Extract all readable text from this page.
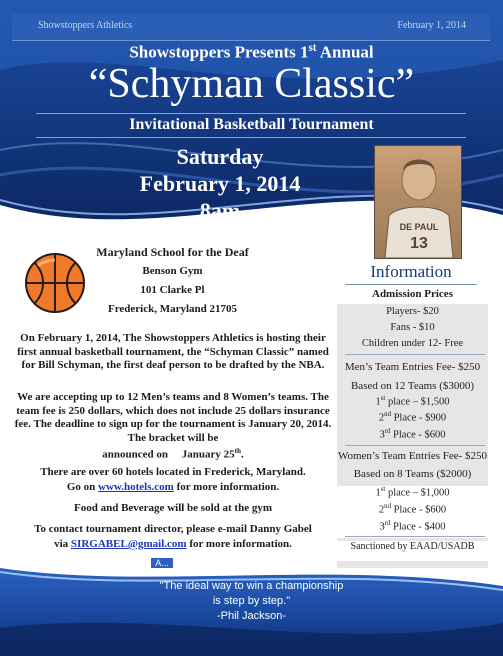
Showstoppers Athletics	February 1, 2014
Showstoppers Presents 1st Annual
“Schyman Classic”
Invitational Basketball Tournament
Saturday
February 1, 2014
8am
DE PAUL
13
Maryland School for the Deaf
Benson Gym
101 Clarke Pl
Frederick, Maryland 21705
On February 1, 2014, The Showstoppers Athletics is hosting their first annual basketball tournament, the “Schyman Classic” named for Bill Schyman, the first deaf person to be drafted by the NBA.
We are accepting up to 12 Men’s teams and 8 Women’s teams. The team fee is 250 dollars, which does not include 25 dollars insurance fee. The deadline to sign up for the tournament is January 20, 2014. The bracket will be
announced on January 25th.
There are over 60 hotels located in Frederick, Maryland.
Go on www.hotels.com for more information.
Food and Beverage will be sold at the gym
To contact tournament director, please e-mail Danny Gabel
via SIRGABEL@gmail.com for more information.
Information
Admission Prices
Players- $20
Fans - $10
Children under 12- Free
Men’s Team Entries Fee- $250
Based on 12 Teams ($3000)
1st place – $1,500
2nd Place - $900
3rd Place - $600
Women’s Team Entries Fee- $250
Based on 8 Teams ($2000)
1st place – $1,000
2nd Place - $600
3rd Place - $400
Sanctioned by EAAD/USADB
A...
"The ideal way to win a championship
is step by step."
-Phil Jackson-
